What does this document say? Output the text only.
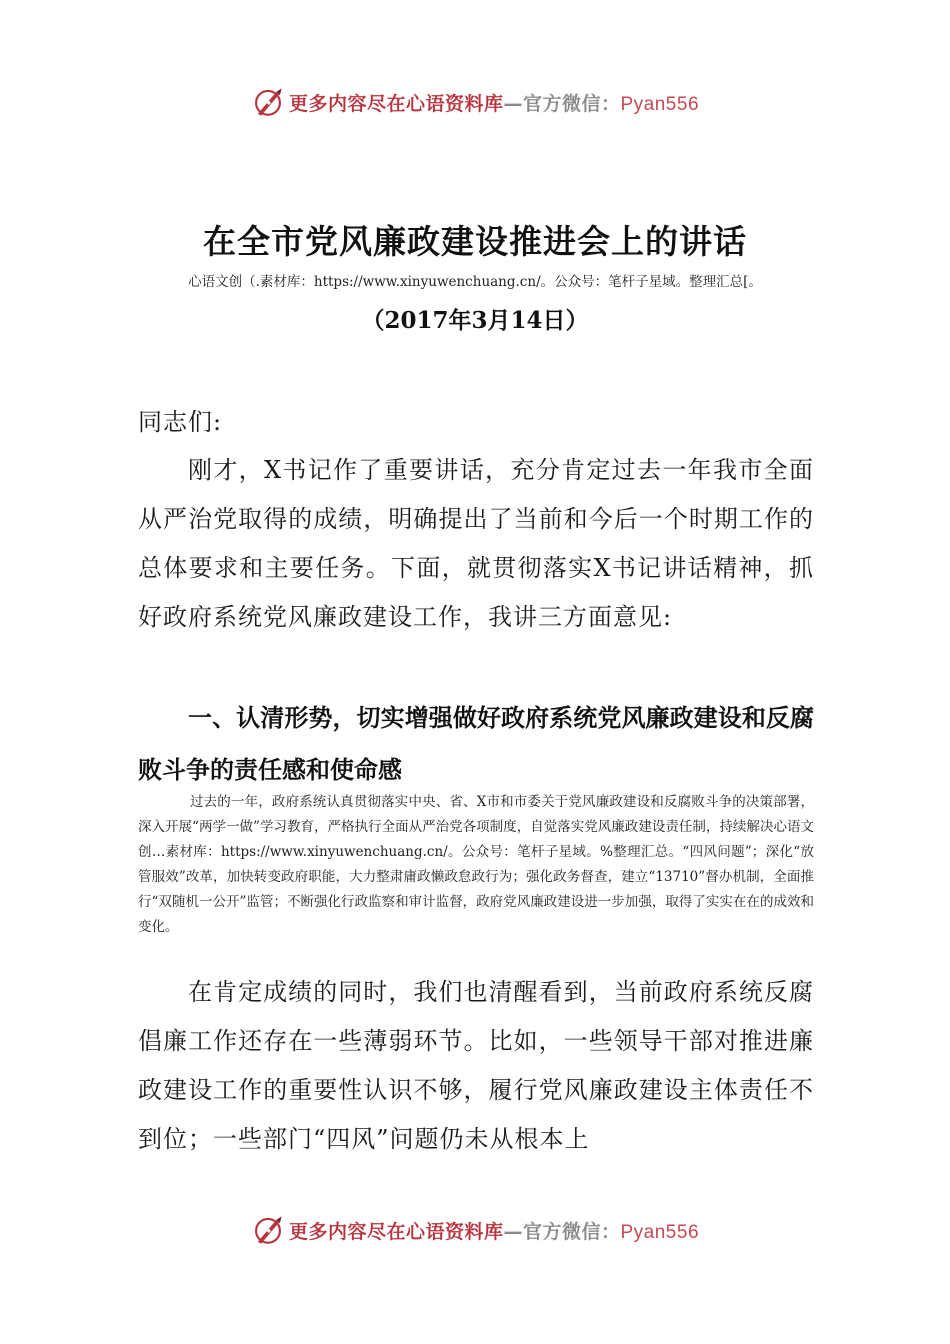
更多内容尽在心语资料库—官方微信：Pyan556
在全市党风廉政建设推进会上的讲话
心语文创（.素材库：https://www.xinyuwenchuang.cn/。公众号：笔杆子星域。整理汇总[。
（2017年3月14日）
同志们:
刚才，X书记作了重要讲话，充分肯定过去一年我市全面从严治党取得的成绩，明确提出了当前和今后一个时期工作的总体要求和主要任务。下面，就贯彻落实X书记讲话精神，抓好政府系统党风廉政建设工作，我讲三方面意见:
一、认清形势，切实增强做好政府系统党风廉政建设和反腐败斗争的责任感和使命感
过去的一年，政府系统认真贯彻落实中央、省、X市和市委关于党风廉政建设和反腐败斗争的决策部署，深入开展“两学一做”学习教育，严格执行全面从严治党各项制度，自觉落实党风廉政建设责任制，持续解决心语文创…素材库：https://www.xinyuwenchuang.cn/。公众号：笔杆子星域。%整理汇总。“四风问题”；深化“放管服效”改革，加快转变政府职能，大力整肃庸政懒政怠政行为；强化政务督查，建立“13710”督办机制，全面推行“双随机一公开”监管；不断强化行政监察和审计监督，政府党风廉政建设进一步加强，取得了实实在在的成效和变化。
在肯定成绩的同时，我们也清醒看到，当前政府系统反腐倡廉工作还存在一些薄弱环节。比如，一些领导干部对推进廉政建设工作的重要性认识不够，履行党风廉政建设主体责任不到位；一些部门“四风”问题仍未从根本上
更多内容尽在心语资料库—官方微信：Pyan556
